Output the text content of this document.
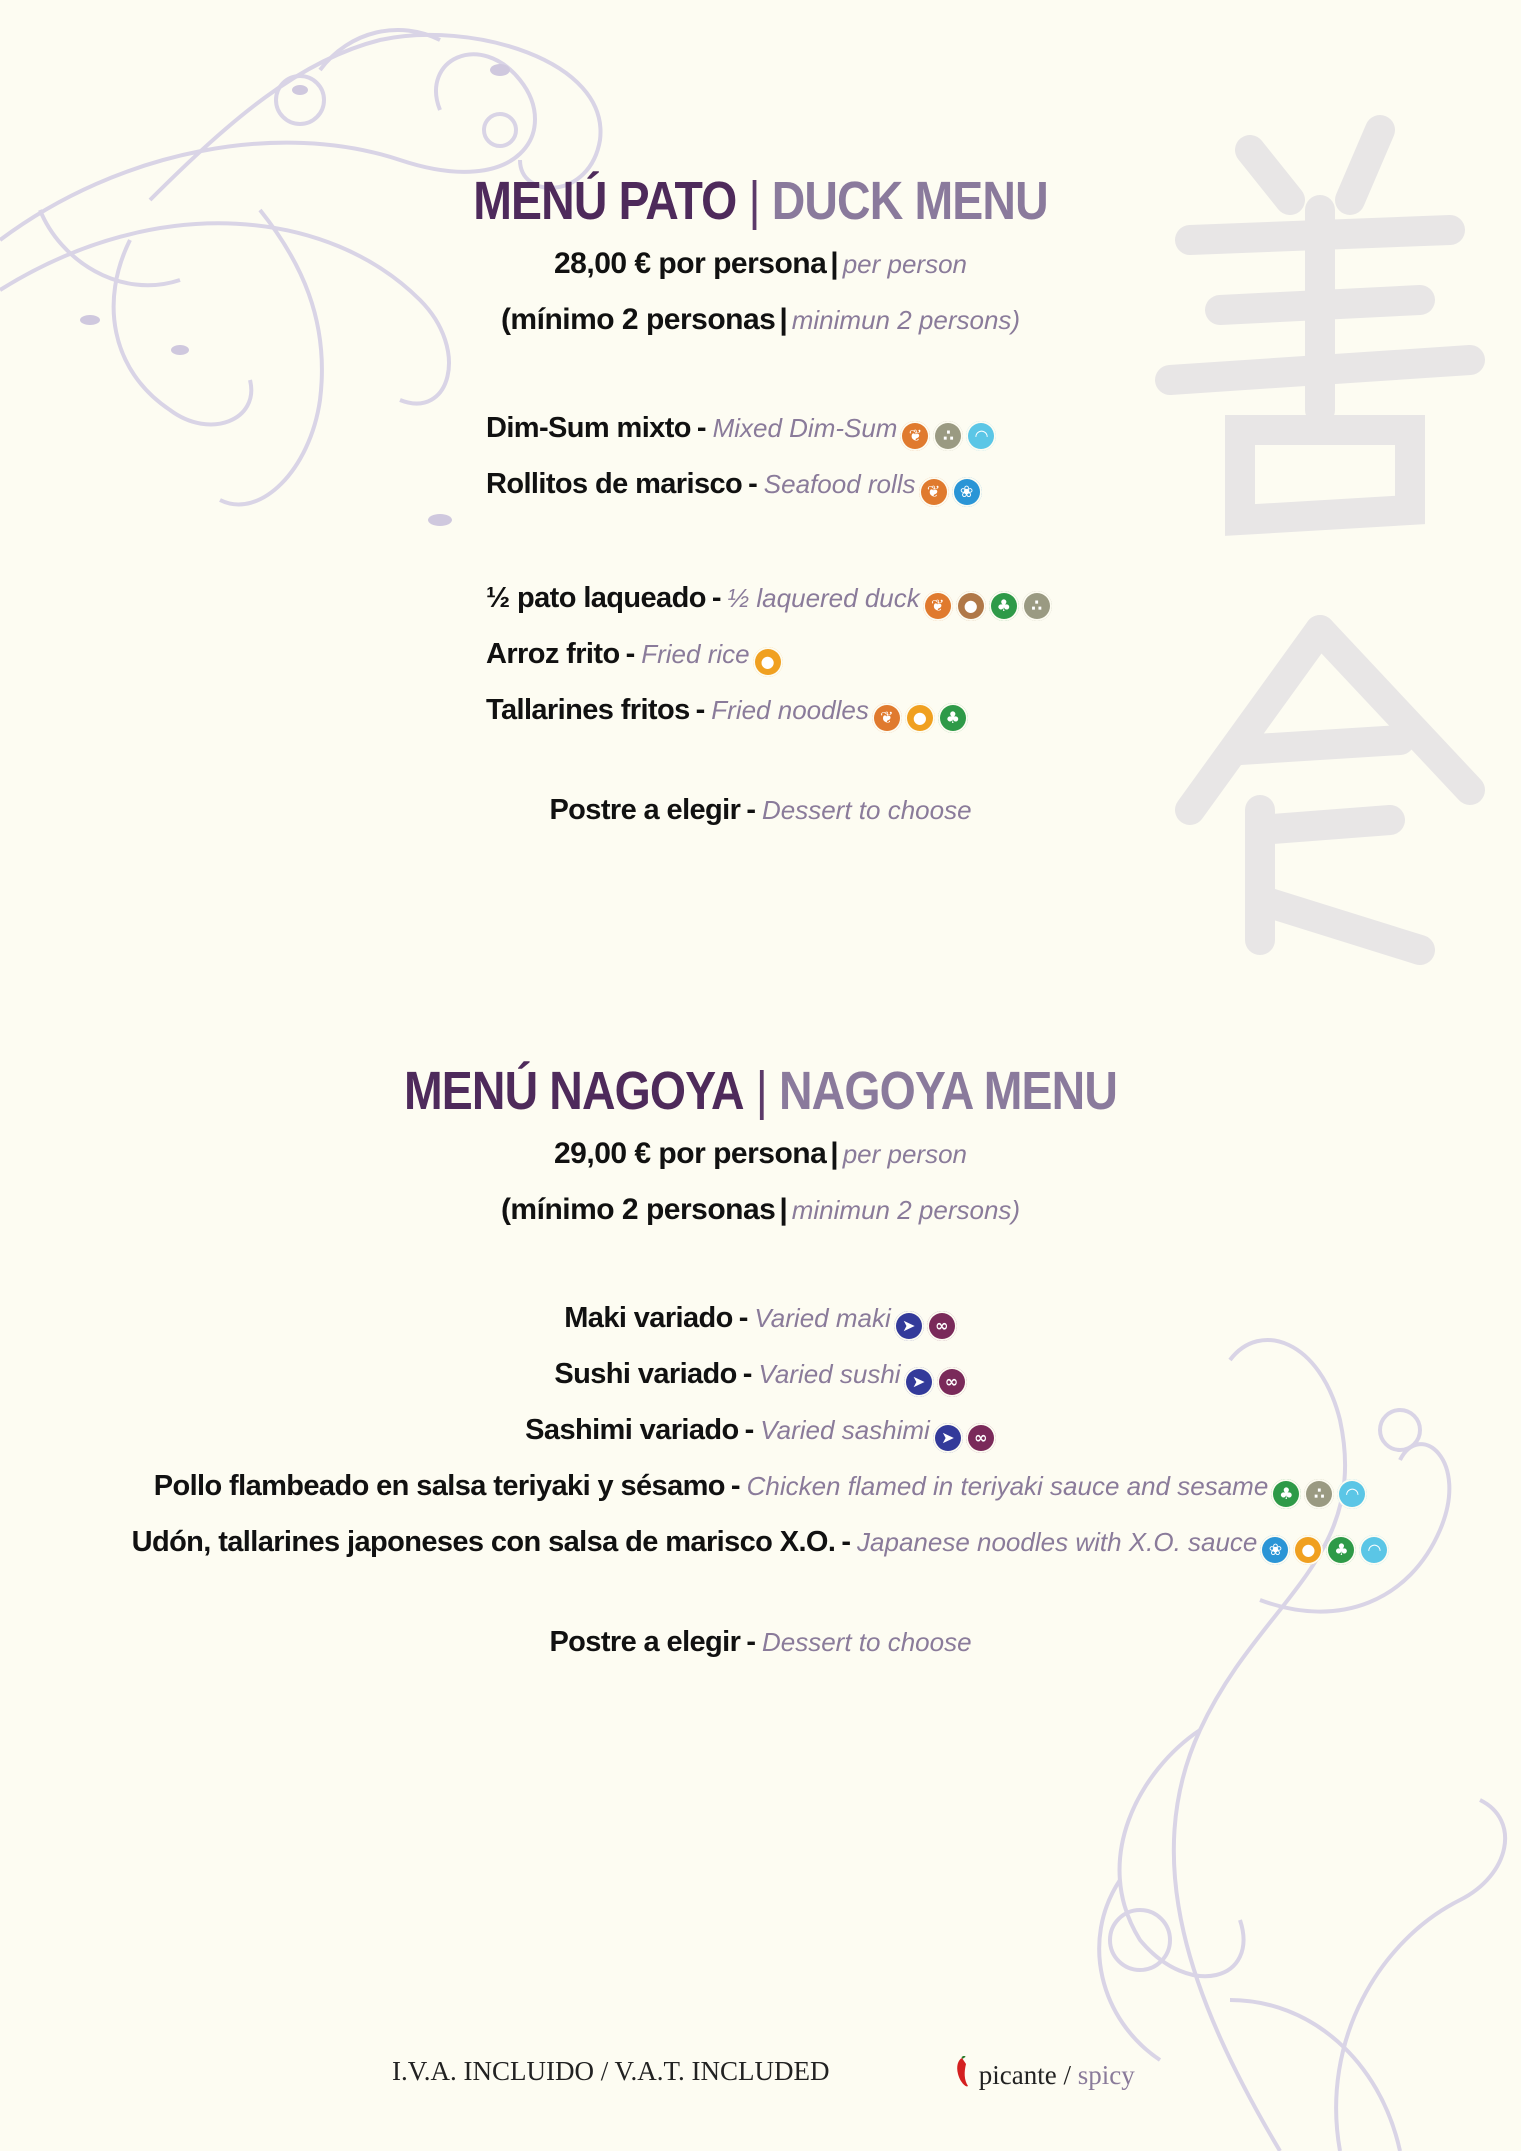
MENÚ PATO | DUCK MENU
28,00 € por persona | per person
(mínimo 2 personas | minimun 2 persons)
Dim-Sum mixto - Mixed Dim-Sum ❦ ∴ ◠
Rollitos de marisco - Seafood rolls ❦ ❀
½ pato laqueado - ½ laquered duck ❦ ● ♣ ∴
Arroz frito - Fried rice ●
Tallarines fritos - Fried noodles ❦ ● ♣
Postre a elegir - Dessert to choose
MENÚ NAGOYA | NAGOYA MENU
29,00 € por persona | per person
(mínimo 2 personas | minimun 2 persons)
Maki variado - Varied maki ➤ ∞
Sushi variado - Varied sushi ➤ ∞
Sashimi variado - Varied sashimi ➤ ∞
Pollo flambeado en salsa teriyaki y sésamo - Chicken flamed in teriyaki sauce and sesame ♣ ∴ ◠
Udón, tallarines japoneses con salsa de marisco X.O. - Japanese noodles with X.O. sauce ❀ ● ♣ ◠
Postre a elegir - Dessert to choose
I.V.A. INCLUIDO / V.A.T. INCLUDED	picante / spicy
